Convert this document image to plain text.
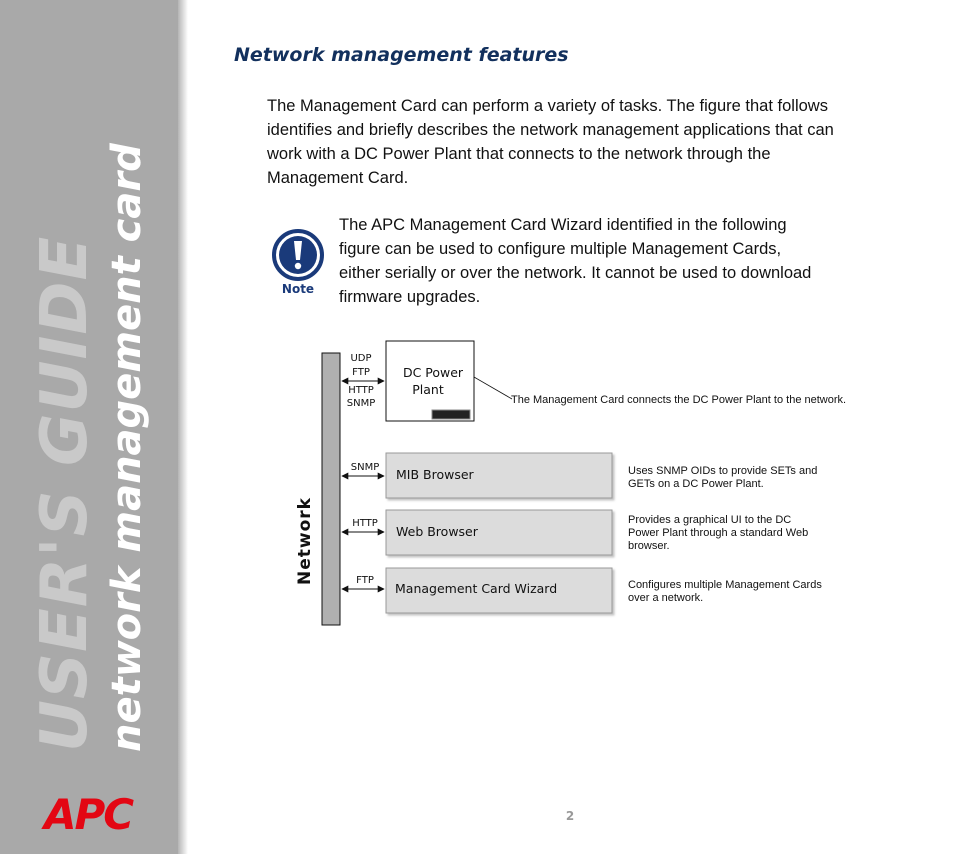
USER'S GUIDE network management card
APC
Network management features

The Management Card can perform a variety of tasks. The figure that follows identifies and briefly describes the network management applications that can work with a DC Power Plant that connects to the network through the Management Card.

Note

The APC Management Card Wizard identified in the following figure can be used to configure multiple Management Cards, either serially or over the network. It cannot be used to download firmware upgrades.

Network
DC Power
Plant
UDP
FTP
HTTP
SNMP	The Management Card connects the DC Power Plant to the network.
SNMP MIB Browser	Uses SNMP OIDs to provide SETs and
GETs on a DC Power Plant.
HTTP
Web Browser
Provides a graphical UI to the DC
Power Plant through a standard Web
browser.
FTP
Management Card Wizard	Configures multiple Management Cards
over a network.
2
